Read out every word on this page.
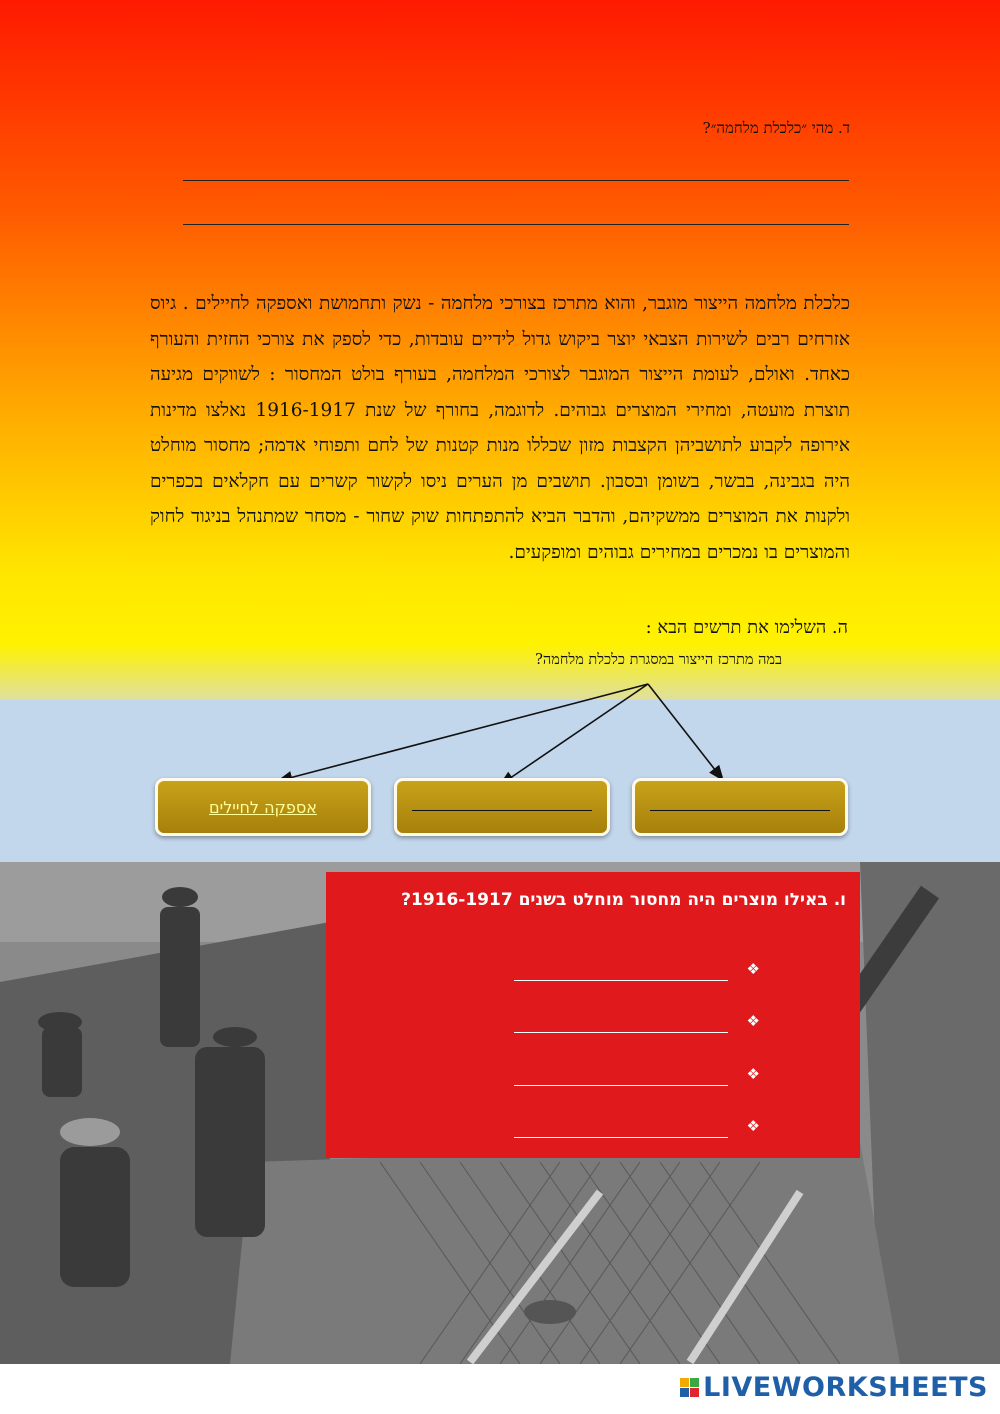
ד. מהי ״כלכלת מלחמה״?

כלכלת מלחמה הייצור מוגבר, והוא מתרכז בצורכי מלחמה - נשק ותחמושת ואספקה לחיילים . גיוס אזרחים רבים לשירות הצבאי יוצר ביקוש גדול לידיים עובדות, כדי לספק את צורכי החזית והעורף כאחד. ואולם, לעומת הייצור המוגבר לצורכי המלחמה, בעורף בולט המחסור : לשווקים מגיעה תוצרת מועטה, ומחירי המוצרים גבוהים. לדוגמה, בחורף של שנת 1916-1917 נאלצו מדינות אירופה לקבוע לתושביהן הקצבות מזון שכללו מנות קטנות של לחם ותפוחי אדמה; מחסור מוחלט היה בגבינה, בבשר, בשומן ובסבון. תושבים מן הערים ניסו לקשור קשרים עם חקלאים בכפרים ולקנות את המוצרים ממשקיהם, והדבר הביא להתפתחות שוק שחור - מסחר שמתנהל בניגוד לחוק והמוצרים בו נמכרים במחירים גבוהים ומופקעים.

ה. השלימו את תרשים הבא :
במה מתרכז הייצור במסגרת כלכלת מלחמה?
אספקה לחיילים
ו. באילו מוצרים היה מחסור מוחלט בשנים 1916-1917?
❖
❖
❖
❖
LIVEWORKSHEETS
